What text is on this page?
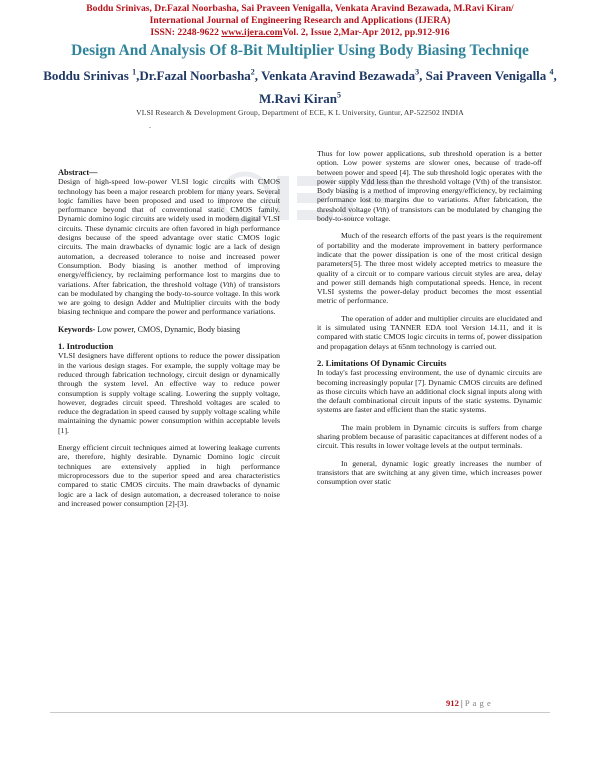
Boddu Srinivas, Dr.Fazal Noorbasha, Sai Praveen Venigalla, Venkata Aravind Bezawada, M.Ravi Kiran/
International Journal of Engineering Research and Applications (IJERA)
ISSN: 2248-9622 www.ijera.comVol. 2, Issue 2,Mar-Apr 2012, pp.912-916
Design And Analysis Of 8-Bit Multiplier Using Body Biasing Techniqe
Boddu Srinivas $^1$,Dr.Fazal Noorbasha$^2$, Venkata Aravind Bezawada$^3$, Sai Praveen Venigalla $^4$, M.Ravi Kiran$^5$
VLSI Research & Development Group, Department of ECE, K L University, Guntur, AP-522502 INDIA
.

Abstract—

Design of high-speed low-power VLSI logic circuits with CMOS technology has been a major research problem for many years. Several logic families have been proposed and used to improve the circuit performance beyond that of conventional static CMOS family. Dynamic domino logic circuits are widely used in modern digital VLSI circuits. These dynamic circuits are often favored in high performance designs because of the speed advantage over static CMOS logic circuits. The main drawbacks of dynamic logic are a lack of design automation, a decreased tolerance to noise and increased power Consumption. Body biasing is another method of improving energy/efficiency, by reclaiming performance lost to margins due to variations. After fabrication, the threshold voltage (Vth) of transistors can be modulated by changing the body-to-source voltage. In this work we are going to design Adder and Multiplier circuits with the body biasing technique and compare the power and performance variations.

Keywords- Low power, CMOS, Dynamic, Body biasing

1. Introduction

VLSI designers have different options to reduce the power dissipation in the various design stages. For example, the supply voltage may be reduced through fabrication technology, circuit design or dynamically through the system level. An effective way to reduce power consumption is supply voltage scaling. Lowering the supply voltage, however, degrades circuit speed. Threshold voltages are scaled to reduce the degradation in speed caused by supply voltage scaling while maintaining the dynamic power consumption within acceptable levels [1].

Energy efficient circuit techniques aimed at lowering leakage currents are, therefore, highly desirable. Dynamic Domino logic circuit techniques are extensively applied in high performance microprocessors due to the superior speed and area characteristics compared to static CMOS circuits. The main drawbacks of dynamic logic are a lack of design automation, a decreased tolerance to noise and increased power consumption [2]-[3].

Thus for low power applications, sub threshold operation is a better option. Low power systems are slower ones, because of trade-off between power and speed [4]. The sub threshold logic operates with the power supply Vdd less than the threshold voltage (Vth) of the transistor. Body biasing is a method of improving energy/efficiency, by reclaiming performance lost to margins due to variations. After fabrication, the threshold voltage (Vth) of transistors can be modulated by changing the body-to-source voltage.

Much of the research efforts of the past years is the requirement of portability and the moderate improvement in battery performance indicate that the power dissipation is one of the most critical design parameters[5]. The three most widely accepted metrics to measure the quality of a circuit or to compare various circuit styles are area, delay and power still demands high computational speeds. Hence, in recent VLSI systems the power-delay product becomes the most essential metric of performance.

The operation of adder and multiplier circuits are elucidated and it is simulated using TANNER EDA tool Version 14.11, and it is compared with static CMOS logic circuits in terms of, power dissipation and propagation delays at 65nm technology is carried out.

2. Limitations Of Dynamic Circuits

In today's fast processing environment, the use of dynamic circuits are becoming increasingly popular [7]. Dynamic CMOS circuits are defined as those circuits which have an additional clock signal inputs along with the default combinational circuit inputs of the static systems. Dynamic systems are faster and efficient than the static systems.

The main problem in Dynamic circuits is suffers from charge sharing problem because of parasitic capacitances at different nodes of a circuit. This results in lower voltage levels at the output terminals.

In general, dynamic logic greatly increases the number of transistors that are switching at any given time, which increases power consumption over static

912 | P a g e
